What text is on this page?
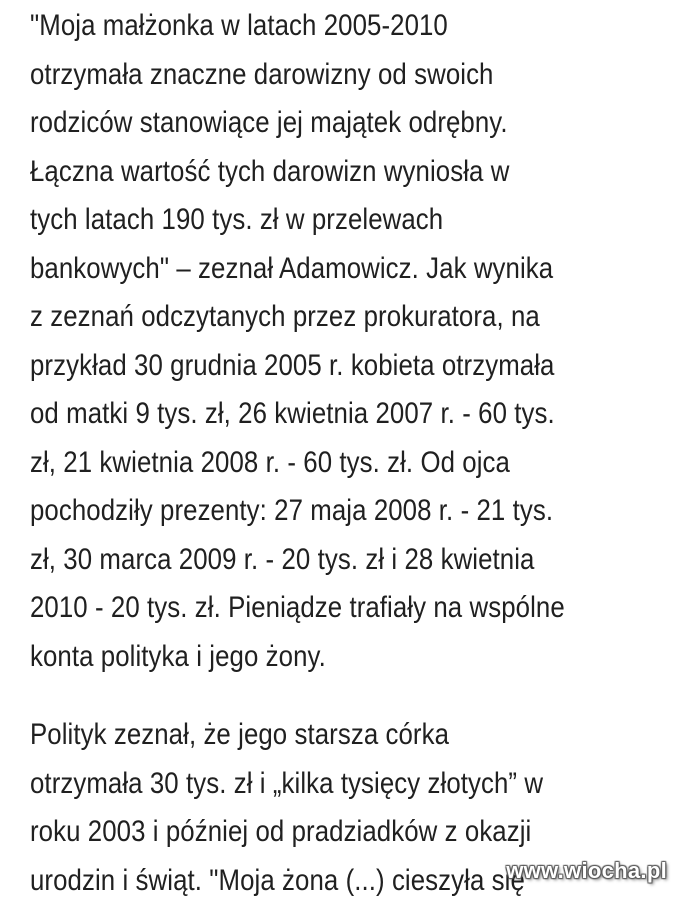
"Moja małżonka w latach 2005-2010
otrzymała znaczne darowizny od swoich
rodziców stanowiące jej majątek odrębny.
Łączna wartość tych darowizn wyniosła w
tych latach 190 tys. zł w przelewach
bankowych" – zeznał Adamowicz. Jak wynika
z zeznań odczytanych przez prokuratora, na
przykład 30 grudnia 2005 r. kobieta otrzymała
od matki 9 tys. zł, 26 kwietnia 2007 r. - 60 tys.
zł, 21 kwietnia 2008 r. - 60 tys. zł. Od ojca
pochodziły prezenty: 27 maja 2008 r. - 21 tys.
zł, 30 marca 2009 r. - 20 tys. zł i 28 kwietnia
2010 - 20 tys. zł. Pieniądze trafiały na wspólne
konta polityka i jego żony.
Polityk zeznał, że jego starsza córka
otrzymała 30 tys. zł i „kilka tysięcy złotych” w
roku 2003 i później od pradziadków z okazji
urodzin i świąt. "Moja żona (...) cieszyła się
www.wiocha.pl
